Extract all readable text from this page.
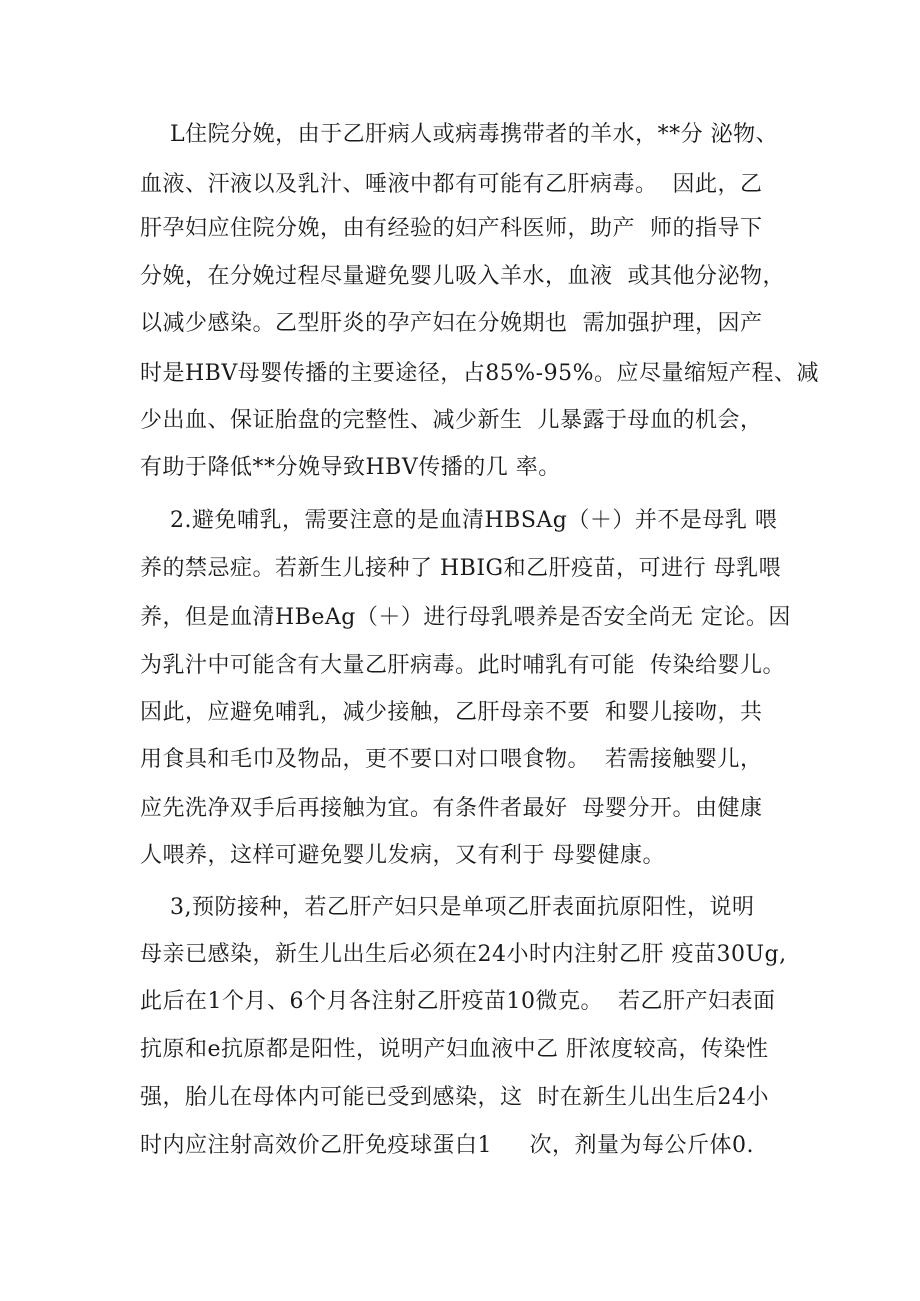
L住院分娩，由于乙肝病人或病毒携带者的羊水，**分 泌物、
血液、汗液以及乳汁、唾液中都有可能有乙肝病毒。  因此，乙
肝孕妇应住院分娩，由有经验的妇产科医师，助产  师的指导下
分娩，在分娩过程尽量避免婴儿吸入羊水，血液  或其他分泌物，
以减少感染。乙型肝炎的孕产妇在分娩期也  需加强护理，因产
时是HBV母婴传播的主要途径，占85%-95%。应尽量缩短产程、减
少出血、保证胎盘的完整性、减少新生  儿暴露于母血的机会，
有助于降低**分娩导致HBV传播的几 率。
2.避免哺乳，需要注意的是血清HBSAg（＋）并不是母乳 喂
养的禁忌症。若新生儿接种了 HBIG和乙肝疫苗，可进行 母乳喂
养，但是血清HBeAg（＋）进行母乳喂养是否安全尚无 定论。因
为乳汁中可能含有大量乙肝病毒。此时哺乳有可能  传染给婴儿。
因此，应避免哺乳，减少接触，乙肝母亲不要  和婴儿接吻，共
用食具和毛巾及物品，更不要口对口喂食物。  若需接触婴儿，
应先洗净双手后再接触为宜。有条件者最好  母婴分开。由健康
人喂养，这样可避免婴儿发病，又有利于 母婴健康。
3,预防接种，若乙肝产妇只是单项乙肝表面抗原阳性，说明
母亲已感染，新生儿出生后必须在24小时内注射乙肝 疫苗30Ug,
此后在1个月、6个月各注射乙肝疫苗10微克。  若乙肝产妇表面
抗原和e抗原都是阳性，说明产妇血液中乙 肝浓度较高，传染性
强，胎儿在母体内可能已受到感染，这  时在新生儿出生后24小
时内应注射高效价乙肝免疫球蛋白1     次，剂量为每公斤体0.
